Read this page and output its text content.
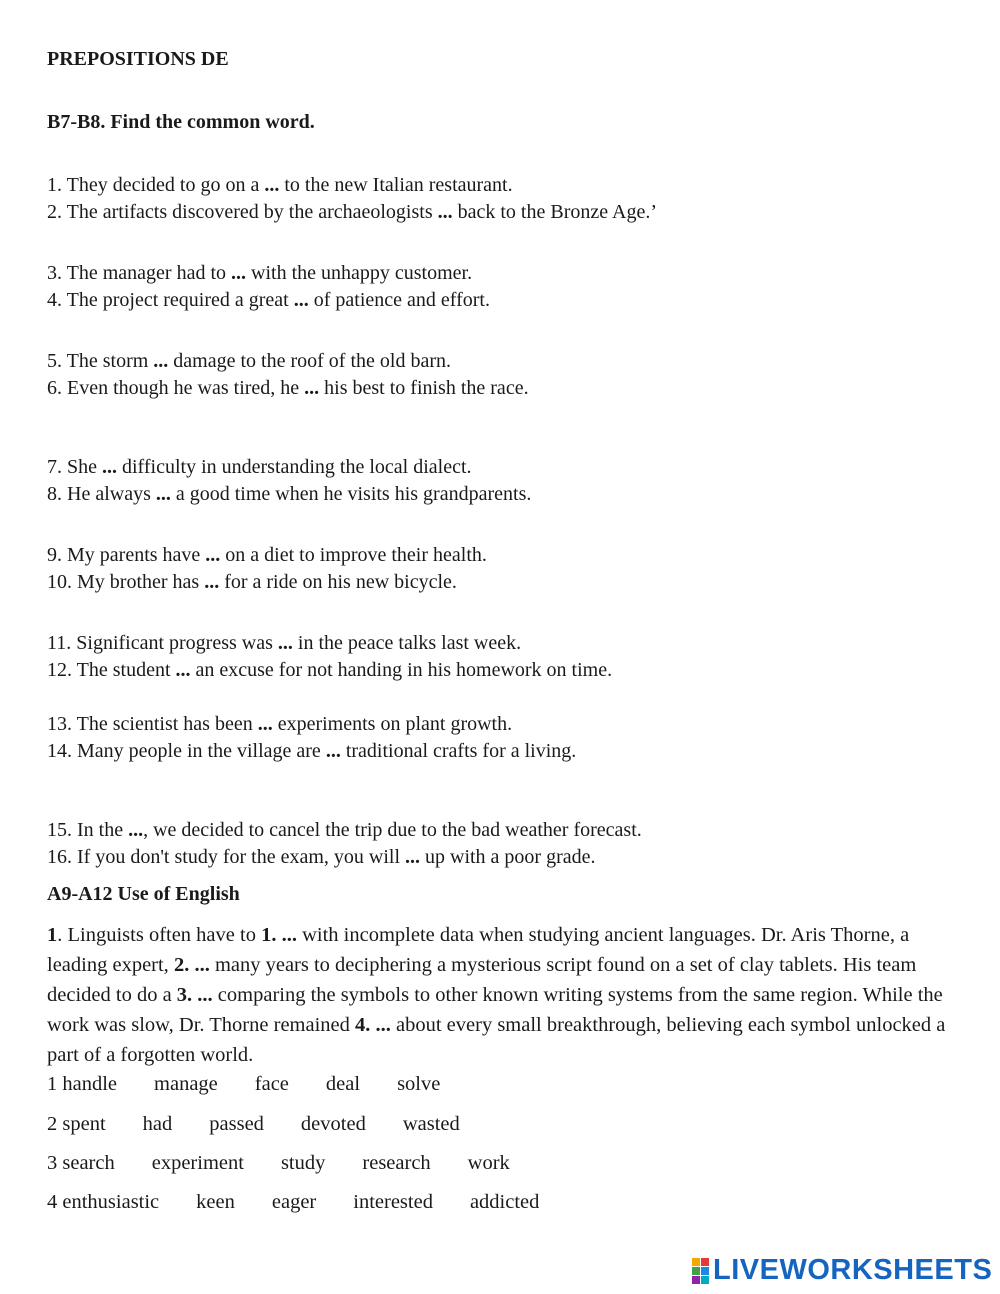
PREPOSITIONS DE
B7-B8. Find the common word.
1. They decided to go on a ... to the new Italian restaurant.
2. The artifacts discovered by the archaeologists ... back to the Bronze Age.’
3. The manager had to ... with the unhappy customer.
4. The project required a great ... of patience and effort.
5. The storm ... damage to the roof of the old barn.
6. Even though he was tired, he ... his best to finish the race.
7. She ... difficulty in understanding the local dialect.
8. He always ... a good time when he visits his grandparents.
9. My parents have ... on a diet to improve their health.
10. My brother has ... for a ride on his new bicycle.
11. Significant progress was ... in the peace talks last week.
12. The student ... an excuse for not handing in his homework on time.
13. The scientist has been ... experiments on plant growth.
14. Many people in the village are ... traditional crafts for a living.
15. In the ..., we decided to cancel the trip due to the bad weather forecast.
16. If you don't study for the exam, you will ... up with a poor grade.
A9-A12 Use of English
1. Linguists often have to 1. ... with incomplete data when studying ancient languages. Dr. Aris Thorne, a leading expert, 2. ... many years to deciphering a mysterious script found on a set of clay tablets. His team decided to do a 3. ... comparing the symbols to other known writing systems from the same region. While the work was slow, Dr. Thorne remained 4. ... about every small breakthrough, believing each symbol unlocked a part of a forgotten world.
1 handle manage face deal solve
2 spent had passed devoted wasted
3 search experiment study research work
4 enthusiastic keen eager interested addicted
LIVEWORKSHEETS
